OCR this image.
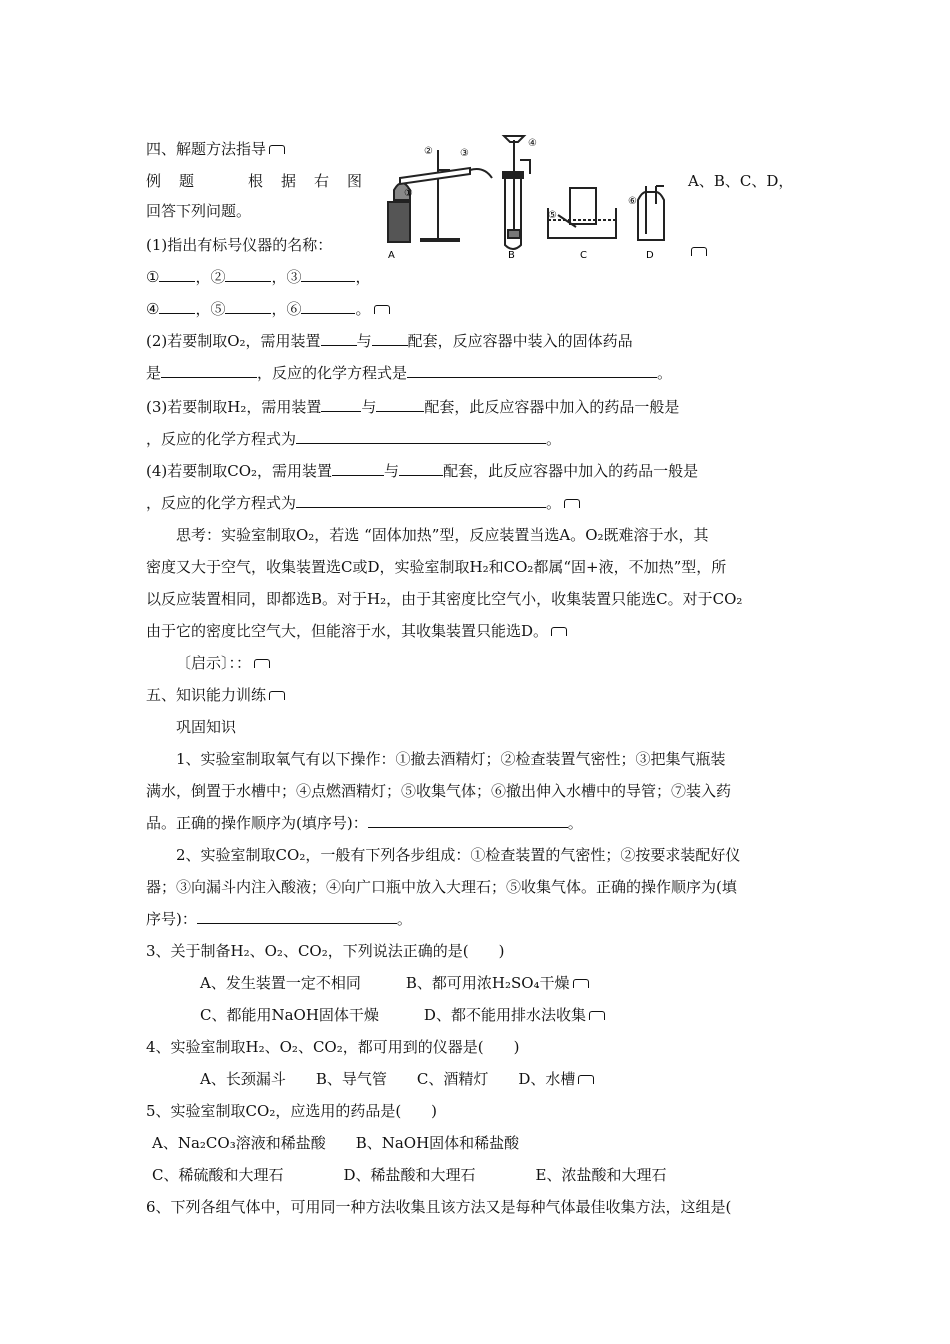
四、解题方法指导
例题 根据右图	A、B、C、D，
回答下列问题。
A	B	C	D
①
②	③
④
⑤
⑥
(1)指出有标号仪器的名称：
① ，②	，③	，
④ ，⑤	，⑥	。
(2)若要制取O₂，需用装置 与 配套，反应容器中装入的固体药品
是	，反应的化学方程式是	。
(3)若要制取H₂，需用装置	与	配套，此反应容器中加入的药品一般是
，反应的化学方程式为	。
(4)若要制取CO₂，需用装置	与	配套，此反应容器中加入的药品一般是
，反应的化学方程式为	。
思考：实验室制取O₂，若选 “固体加热”型，反应装置当选A。O₂既难溶于水，其
密度又大于空气，收集装置选C或D，实验室制取H₂和CO₂都属“固+液，不加热”型，所
以反应装置相同，即都选B。对于H₂，由于其密度比空气小，收集装置只能选C。对于CO₂
由于它的密度比空气大，但能溶于水，其收集装置只能选D。
〔启示〕：：
五、知识能力训练
巩固知识
1、实验室制取氧气有以下操作：①撤去酒精灯；②检查装置气密性；③把集气瓶装
满水，倒置于水槽中；④点燃酒精灯；⑤收集气体；⑥撤出伸入水槽中的导管；⑦装入药
品。正确的操作顺序为(填序号)：	。
2、实验室制取CO₂，一般有下列各步组成：①检查装置的气密性；②按要求装配好仪
器；③向漏斗内注入酸液；④向广口瓶中放入大理石；⑤收集气体。正确的操作顺序为(填
序号)：	。
3、关于制备H₂、O₂、CO₂，下列说法正确的是(　　)
A、发生装置一定不相同　　　B、都可用浓H₂SO₄干燥
C、都能用NaOH固体干燥　　　D、都不能用排水法收集
4、实验室制取H₂、O₂、CO₂，都可用到的仪器是(　　)
A、长颈漏斗　　B、导气管　　C、酒精灯　　D、水槽
5、实验室制取CO₂，应选用的药品是(　　)
A、Na₂CO₃溶液和稀盐酸　　B、NaOH固体和稀盐酸
C、稀硫酸和大理石　　　　D、稀盐酸和大理石　　　　E、浓盐酸和大理石
6、下列各组气体中，可用同一种方法收集且该方法又是每种气体最佳收集方法，这组是(
